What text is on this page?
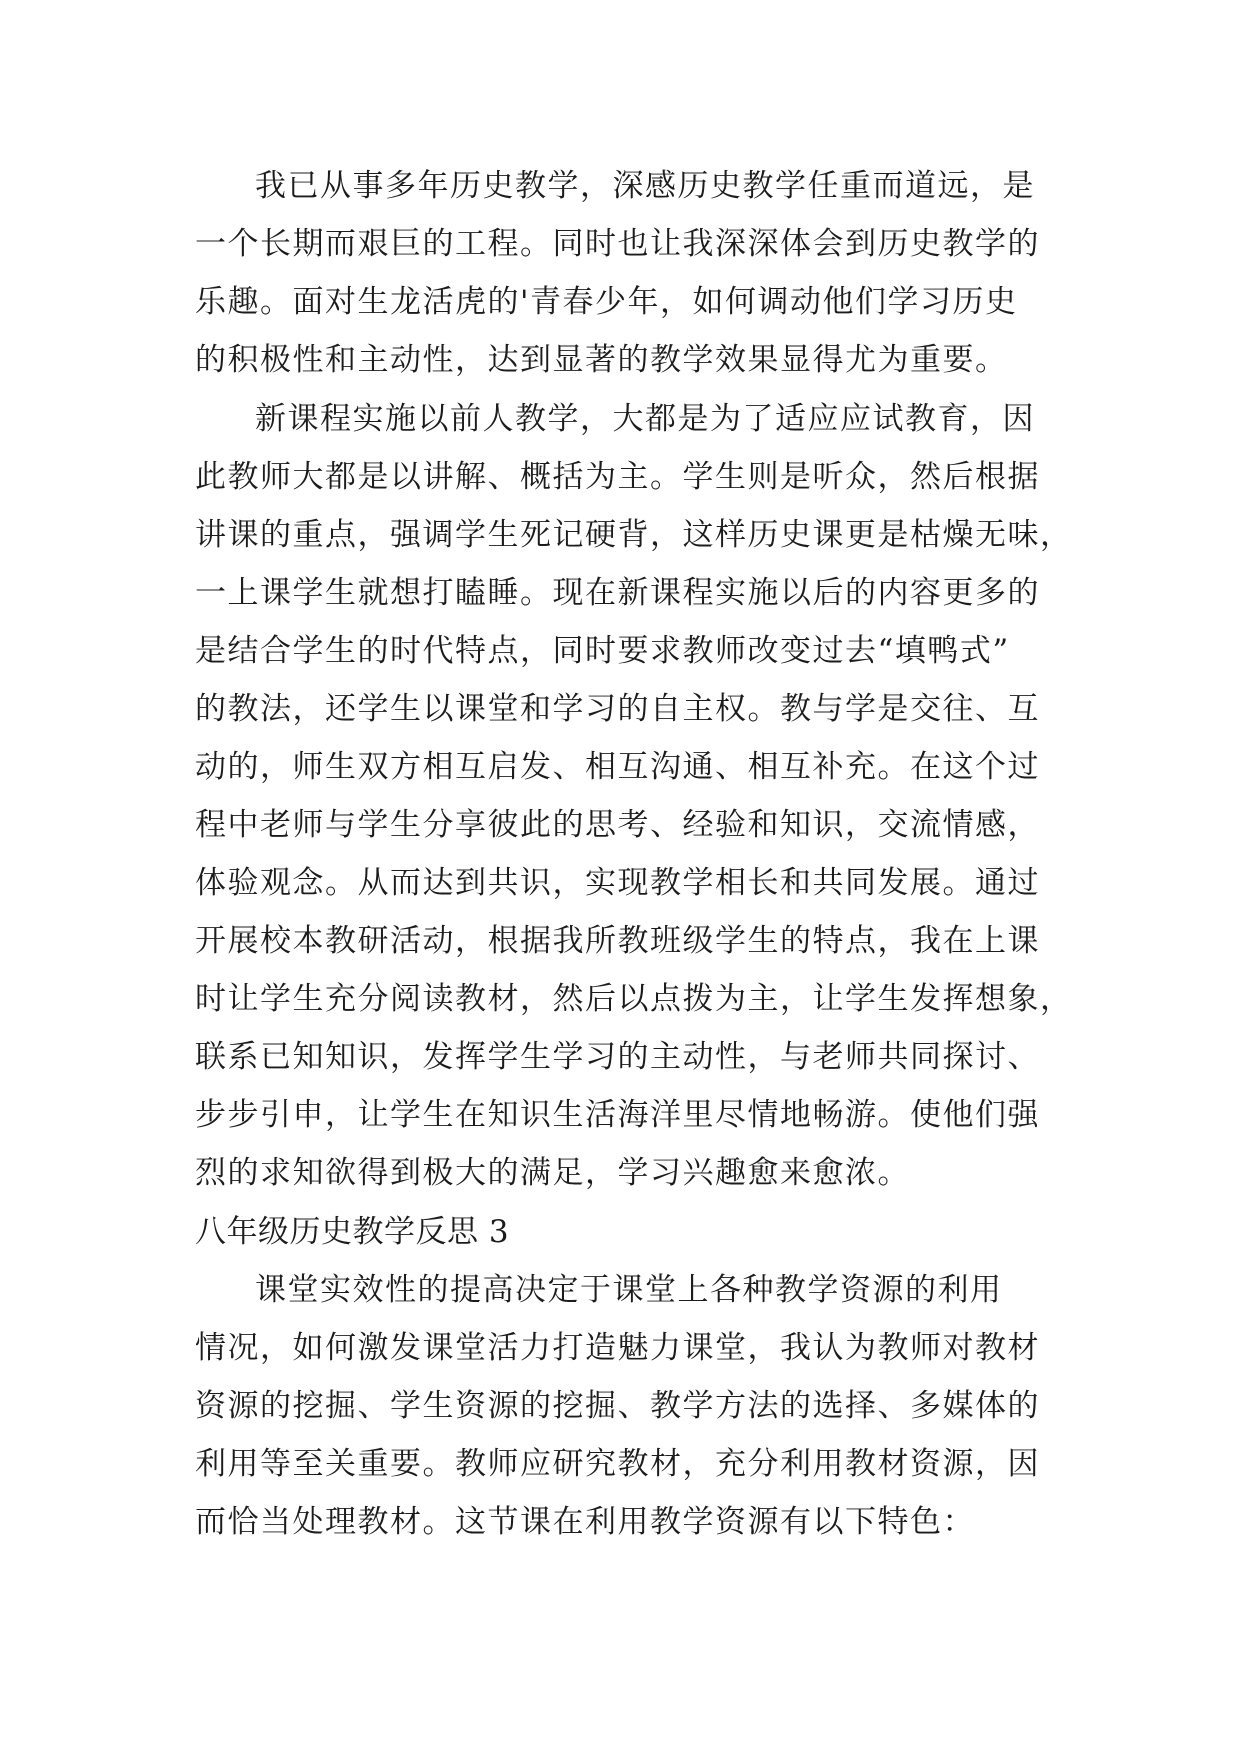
我已从事多年历史教学，深感历史教学任重而道远，是
一个长期而艰巨的工程。同时也让我深深体会到历史教学的
乐趣。面对生龙活虎的'青春少年，如何调动他们学习历史
的积极性和主动性，达到显著的教学效果显得尤为重要。
新课程实施以前人教学，大都是为了适应应试教育，因
此教师大都是以讲解、概括为主。学生则是听众，然后根据
讲课的重点，强调学生死记硬背，这样历史课更是枯燥无味，
一上课学生就想打瞌睡。现在新课程实施以后的内容更多的
是结合学生的时代特点，同时要求教师改变过去“填鸭式”
的教法，还学生以课堂和学习的自主权。教与学是交往、互
动的，师生双方相互启发、相互沟通、相互补充。在这个过
程中老师与学生分享彼此的思考、经验和知识，交流情感，
体验观念。从而达到共识，实现教学相长和共同发展。通过
开展校本教研活动，根据我所教班级学生的特点，我在上课
时让学生充分阅读教材，然后以点拨为主，让学生发挥想象，
联系已知知识，发挥学生学习的主动性，与老师共同探讨、
步步引申，让学生在知识生活海洋里尽情地畅游。使他们强
烈的求知欲得到极大的满足，学习兴趣愈来愈浓。
八年级历史教学反思 3
课堂实效性的提高决定于课堂上各种教学资源的利用
情况，如何激发课堂活力打造魅力课堂，我认为教师对教材
资源的挖掘、学生资源的挖掘、教学方法的选择、多媒体的
利用等至关重要。教师应研究教材，充分利用教材资源，因
而恰当处理教材。这节课在利用教学资源有以下特色：
